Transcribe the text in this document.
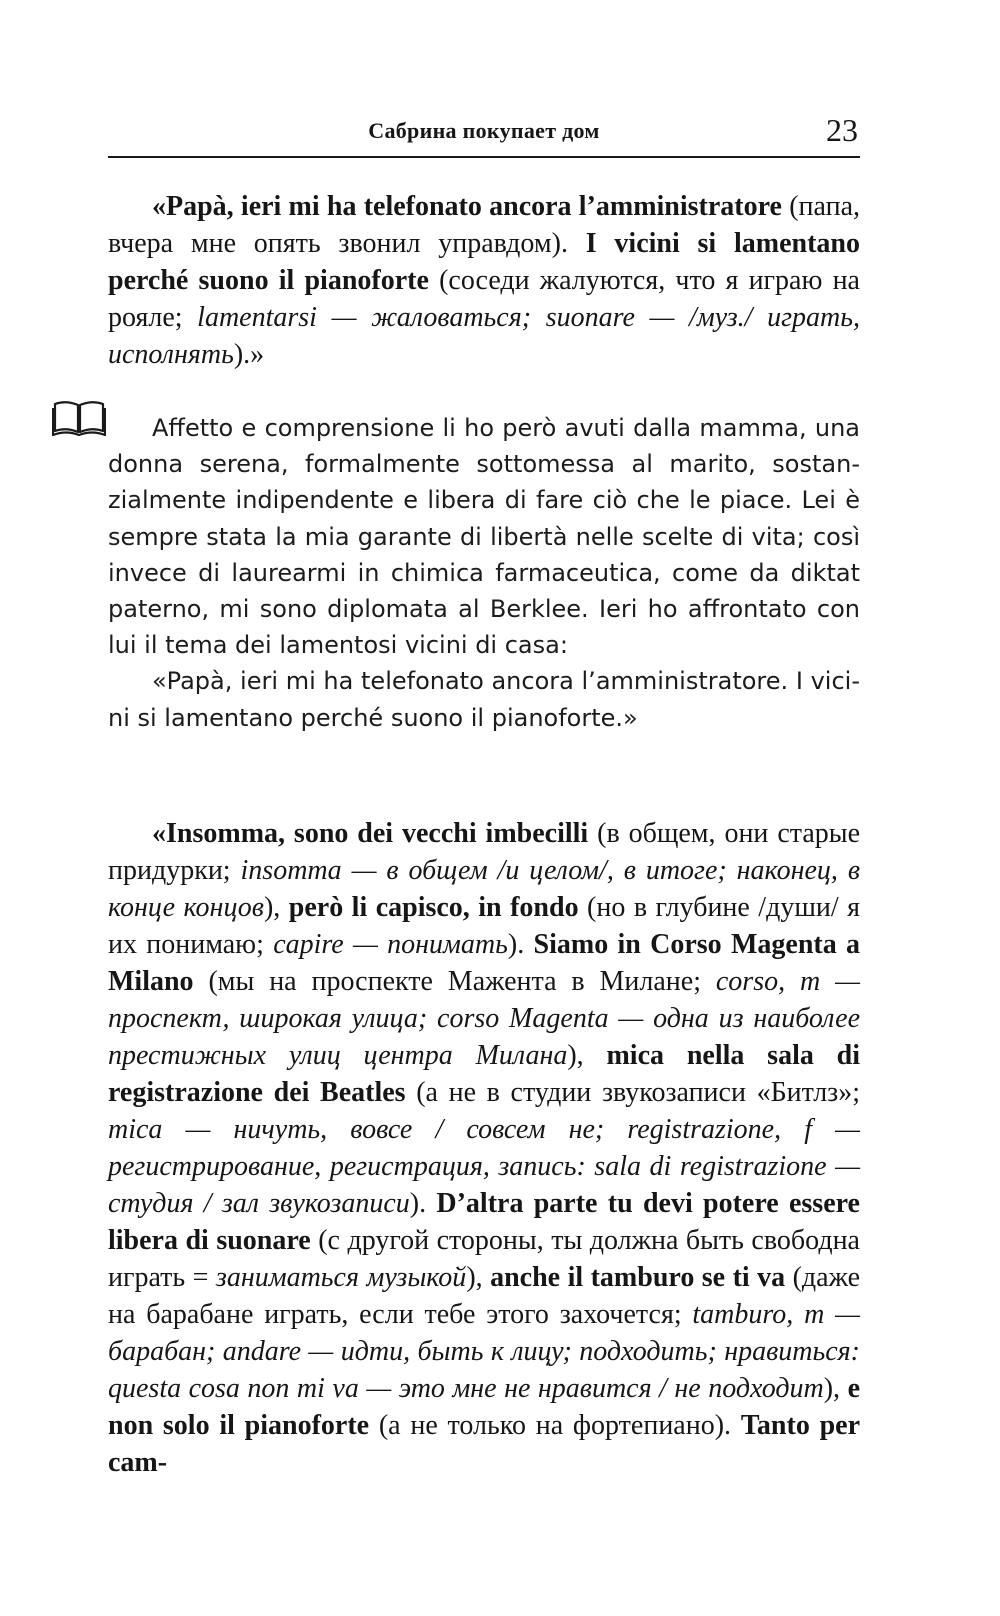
Сабрина покупает дом	23

«Papà, ieri mi ha telefonato ancora l’amministratore (папа, вчера мне опять звонил управдом). I vicini si lamentano perché suono il pianoforte (соседи жалуются, что я играю на рояле; lamentarsi — жаловаться; suonare — /муз./ играть, исполнять).»

Affetto e comprensione li ho però avuti dalla mamma, una donna serena, formalmente sottomessa al marito, sostanzialmente indipendente e libera di fare ciò che le piace. Lei è sempre stata la mia garante di libertà nelle scelte di vita; così invece di laurearmi in chimica farmaceutica, come da diktat paterno, mi sono diplomata al Berklee. Ieri ho affrontato con lui il tema dei lamentosi vicini di casa:

«Papà, ieri mi ha telefonato ancora l’amministratore. I vicini si lamentano perché suono il pianoforte.»

«Insomma, sono dei vecchi imbecilli (в общем, они старые придурки; insomma — в общем /и целом/, в итоге; наконец, в конце концов), però li capisco, in fondo (но в глубине /души/ я их понимаю; capire — понимать). Siamo in Corso Magenta a Milano (мы на проспекте Мажента в Милане; corso, m — проспект, широкая улица; corso Magenta — одна из наиболее престижных улиц центра Милана), mica nella sala di registrazione dei Beatles (а не в студии звукозаписи «Битлз»; mica — ничуть, вовсе / совсем не; registrazione, f — регистрирование, регистрация, запись: sala di registrazione — студия / зал звукозаписи). D’altra parte tu devi potere essere libera di suonare (с другой стороны, ты должна быть свободна играть = заниматься музыкой), anche il tamburo se ti va (даже на барабане играть, если тебе этого захочется; tamburo, m — барабан; andare — идти, быть к лицу; подходить; нравиться: questa cosa non mi va — это мне не нравится / не подходит), e non solo il pianoforte (а не только на фортепиано). Tanto per cam-
